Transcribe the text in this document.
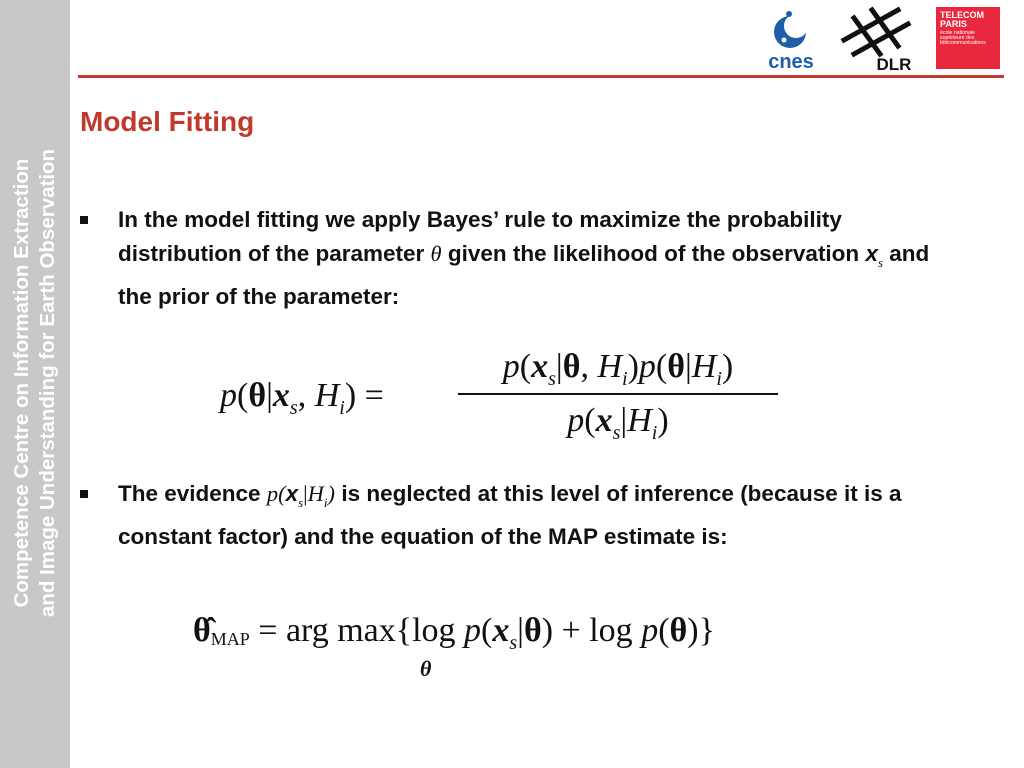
Competence Centre on Information Extraction and Image Understanding for Earth Observation
cnes	DLR
TELECOM
PARIS
école nationale
supérieure des
télécommunications
Model Fitting
In the model fitting we apply Bayes’ rule to maximize the probability distribution of the parameter θ given the likelihood of the observation $x_s$ and the prior of the parameter:
$p(\theta|x_s$, $H_i$) =
$p(x_s|\theta$, $H_i)p(\theta|H_i)$
$p(x_s|H_i)$
The evidence $p(x_s|H_i)$ is neglected at this level of inference (because it is a constant factor) and the equation of the MAP estimate is:
θ̂MAP = arg max{log $p(x_s|\theta) + \log p(\theta)$}
θ
